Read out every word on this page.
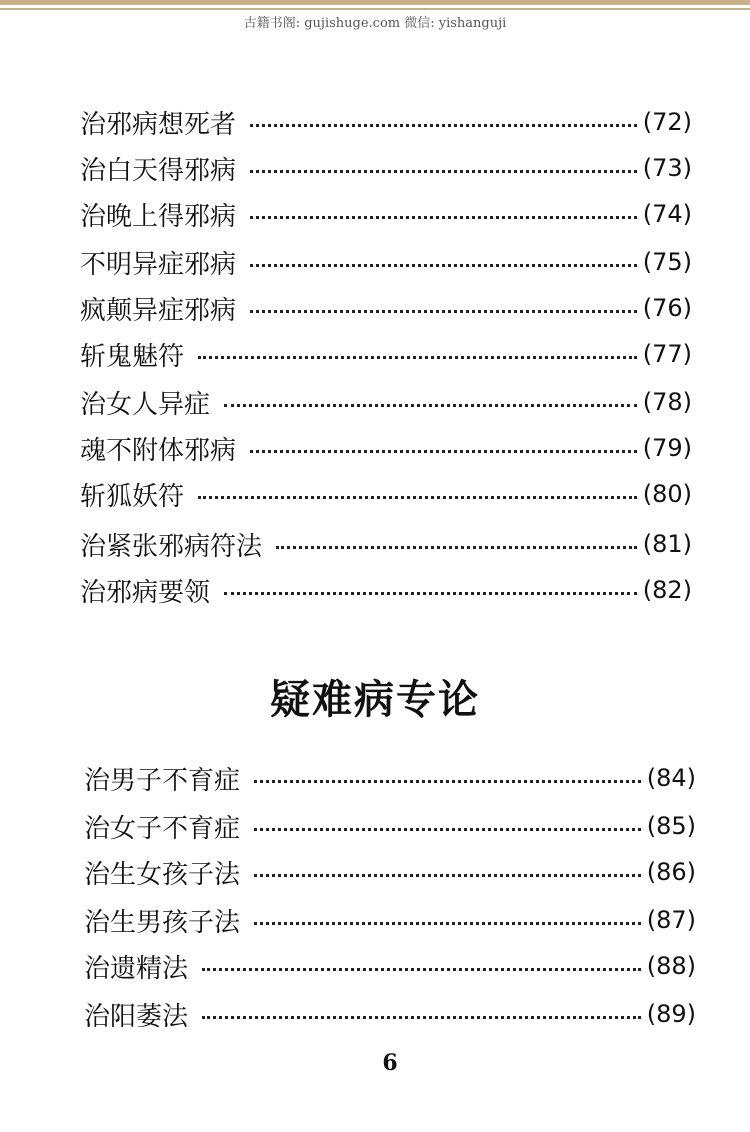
古籍书阁: gujishuge.com 微信: yishanguji
治邪病想死者	(72)
治白天得邪病	(73)
治晚上得邪病	(74)
不明异症邪病	(75)
疯颠异症邪病	(76)
斩鬼魅符	(77)
治女人异症	(78)
魂不附体邪病	(79)
斩狐妖符	(80)
治紧张邪病符法	(81)
治邪病要领	(82)
疑难病专论
治男子不育症	(84)
治女子不育症	(85)
治生女孩子法	(86)
治生男孩子法	(87)
治遗精法	(88)
治阳萎法	(89)
6
